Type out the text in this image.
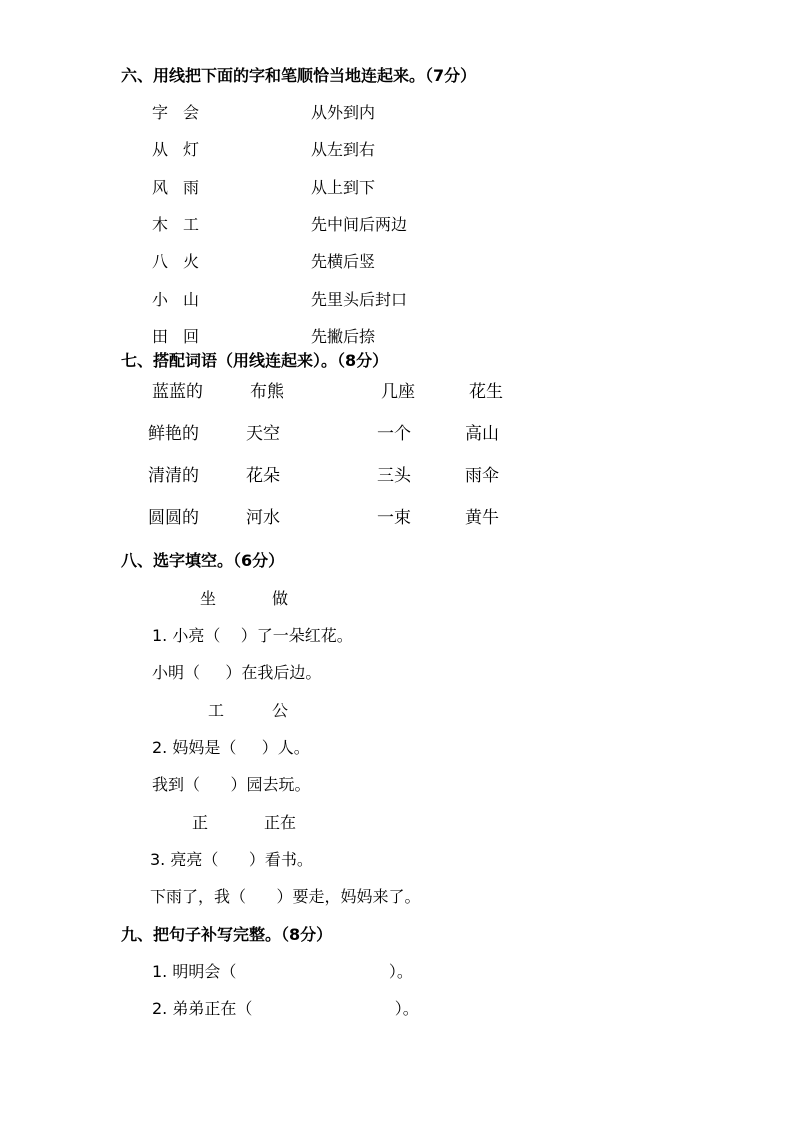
六、用线把下面的字和笔顺恰当地连起来。（7分）
字 会	从外到内
从 灯	从左到右
风 雨	从上到下
木 工	先中间后两边
八 火	先横后竖
小 山	先里头后封口
田 回	先撇后捺
七、搭配词语（用线连起来）。（8分）
蓝蓝的	布熊	几座	花生
鲜艳的	天空	一个	高山
清清的	花朵	三头	雨伞
圆圆的	河水	一束	黄牛
八、选字填空。（6分）
坐	做
1. 小亮（    ）了一朵红花。
小明（     ）在我后边。
工	公
2. 妈妈是（     ）人。
我到（      ）园去玩。
正	正在
3. 亮亮（      ）看书。
下雨了，我（      ）要走，妈妈来了。
九、把句子补写完整。（8分）
1. 明明会（                              ）。
2. 弟弟正在（                            ）。
